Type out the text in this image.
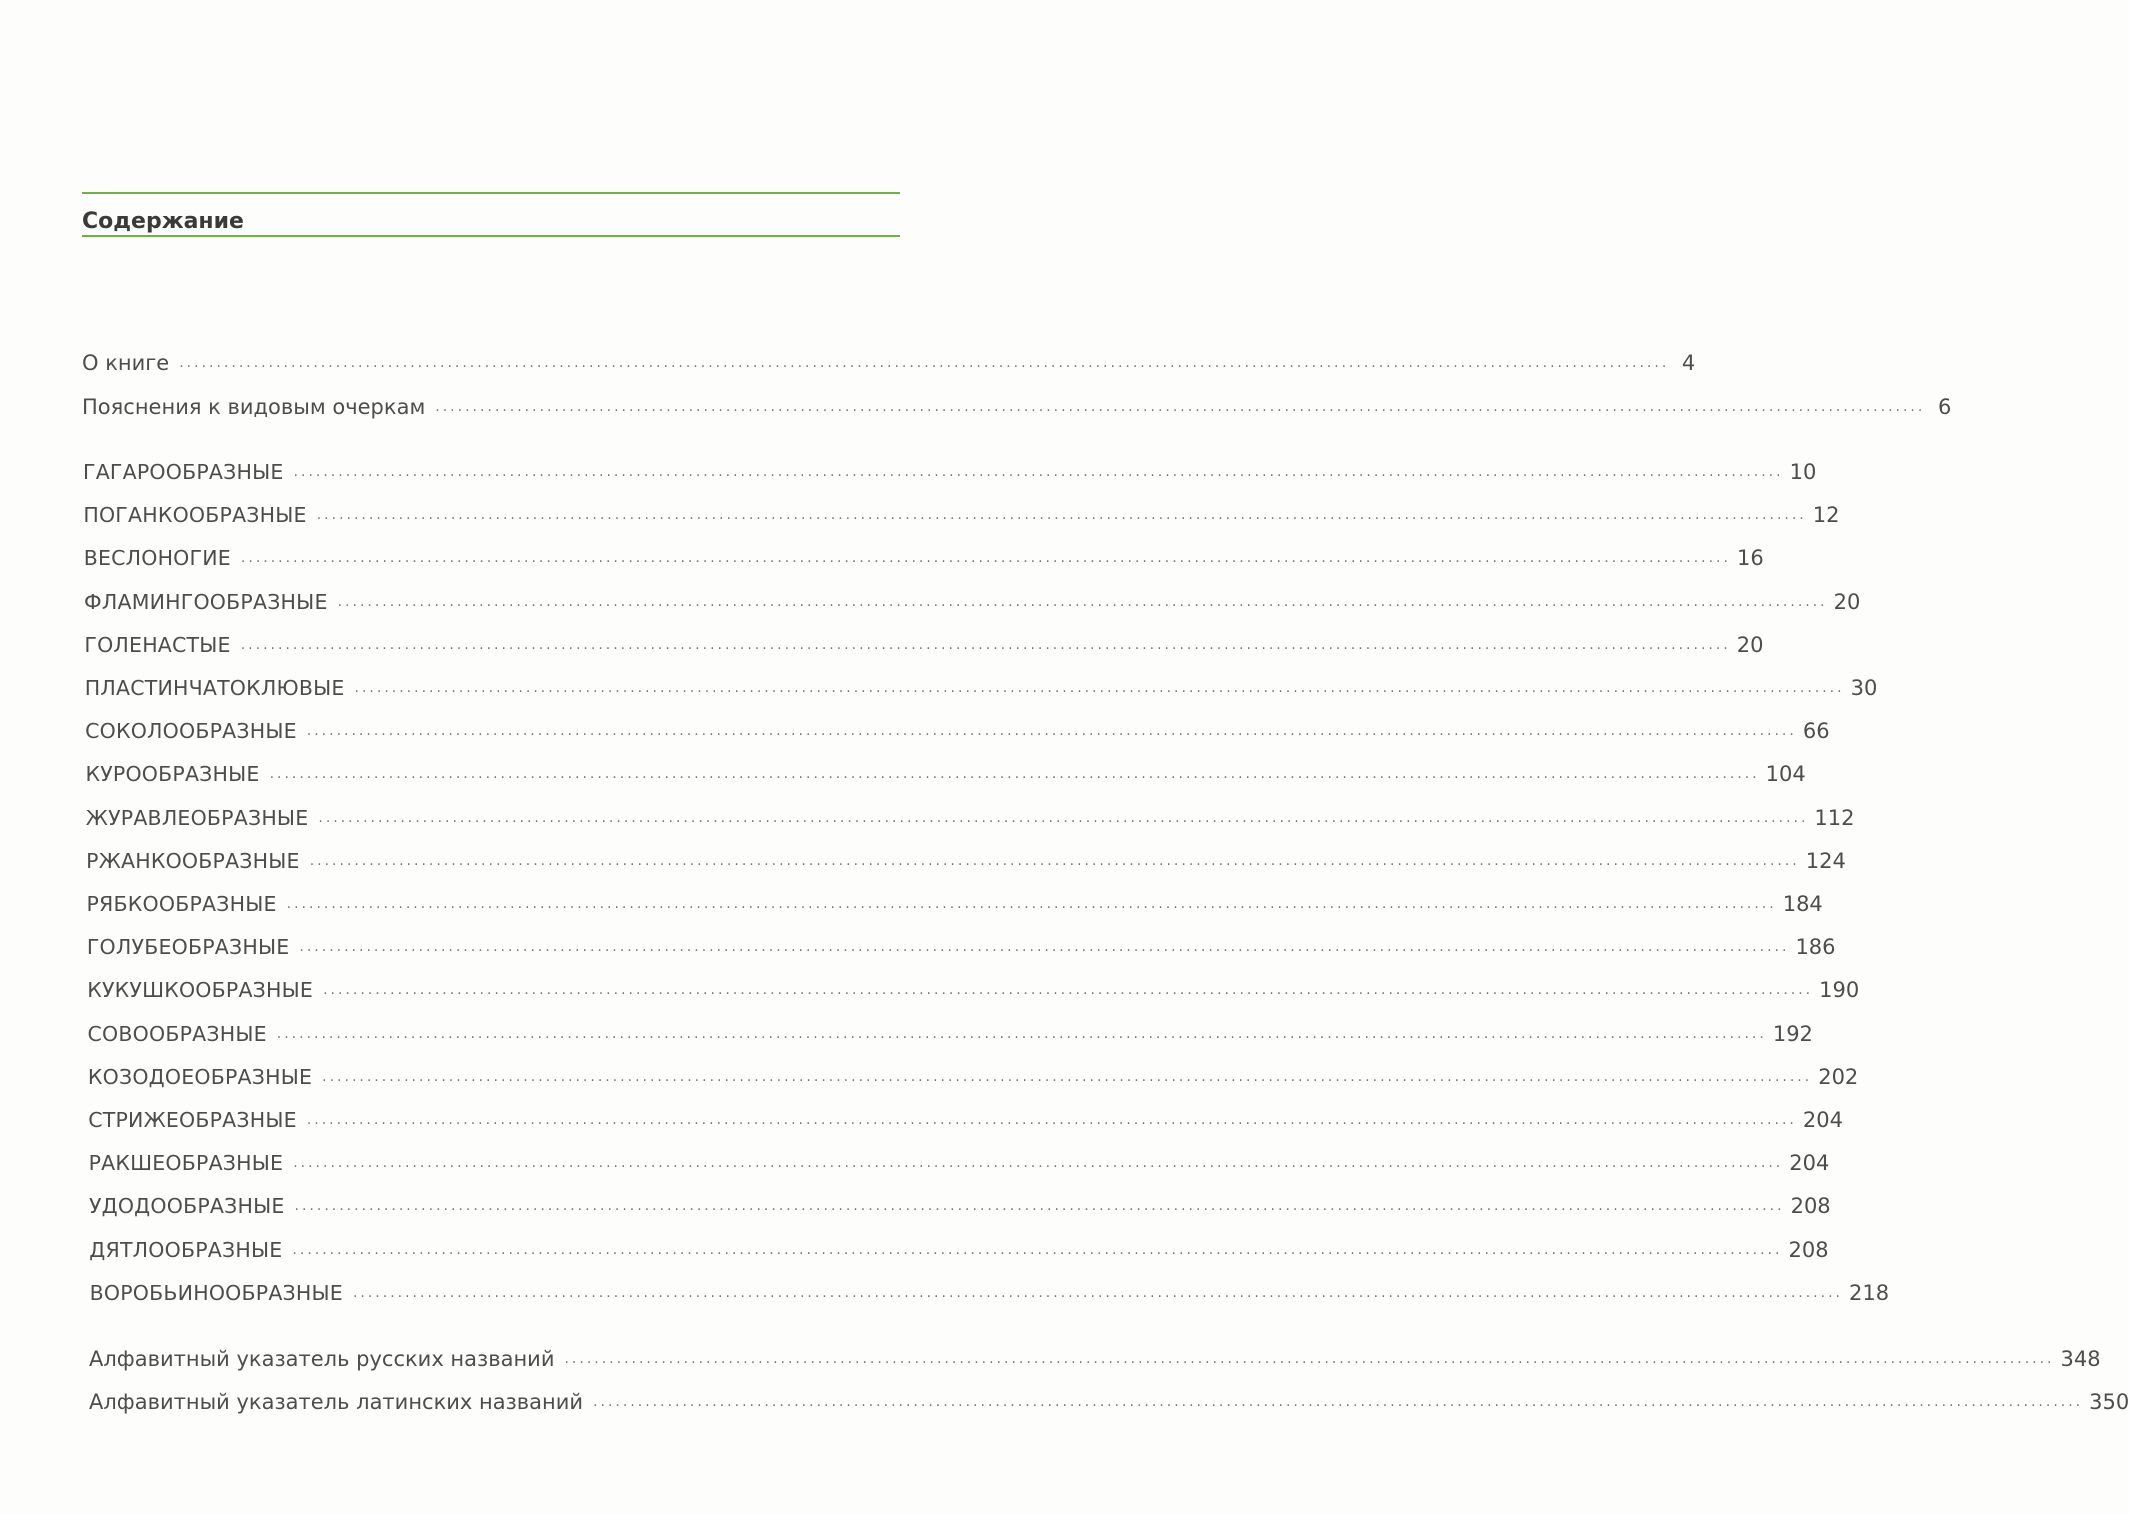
Содержание
О книге ........................................................................................................................................................................................................ 4
Пояснения к видовым очеркам ........................................................................................................................................................................................................ 6
ГАГАРООБРАЗНЫЕ ........................................................................................................................................................................................................ 10
ПОГАНКООБРАЗНЫЕ ........................................................................................................................................................................................................ 12
ВЕСЛОНОГИЕ ........................................................................................................................................................................................................ 16
ФЛАМИНГООБРАЗНЫЕ ........................................................................................................................................................................................................ 20
ГОЛЕНАСТЫЕ ........................................................................................................................................................................................................ 20
ПЛАСТИНЧАТОКЛЮВЫЕ ........................................................................................................................................................................................................ 30
СОКОЛООБРАЗНЫЕ ........................................................................................................................................................................................................ 66
КУРООБРАЗНЫЕ ........................................................................................................................................................................................................ 104
ЖУРАВЛЕОБРАЗНЫЕ ........................................................................................................................................................................................................ 112
РЖАНКООБРАЗНЫЕ ........................................................................................................................................................................................................ 124
РЯБКООБРАЗНЫЕ ........................................................................................................................................................................................................ 184
ГОЛУБЕОБРАЗНЫЕ ........................................................................................................................................................................................................ 186
КУКУШКООБРАЗНЫЕ ........................................................................................................................................................................................................ 190
СОВООБРАЗНЫЕ ........................................................................................................................................................................................................ 192
КОЗОДОЕОБРАЗНЫЕ ........................................................................................................................................................................................................ 202
СТРИЖЕОБРАЗНЫЕ ........................................................................................................................................................................................................ 204
РАКШЕОБРАЗНЫЕ ........................................................................................................................................................................................................ 204
УДОДООБРАЗНЫЕ ........................................................................................................................................................................................................ 208
ДЯТЛООБРАЗНЫЕ ........................................................................................................................................................................................................ 208
ВОРОБЬИНООБРАЗНЫЕ ........................................................................................................................................................................................................ 218
Алфавитный указатель русских названий ........................................................................................................................................................................................................ 348
Алфавитный указатель латинских названий ........................................................................................................................................................................................................ 350
